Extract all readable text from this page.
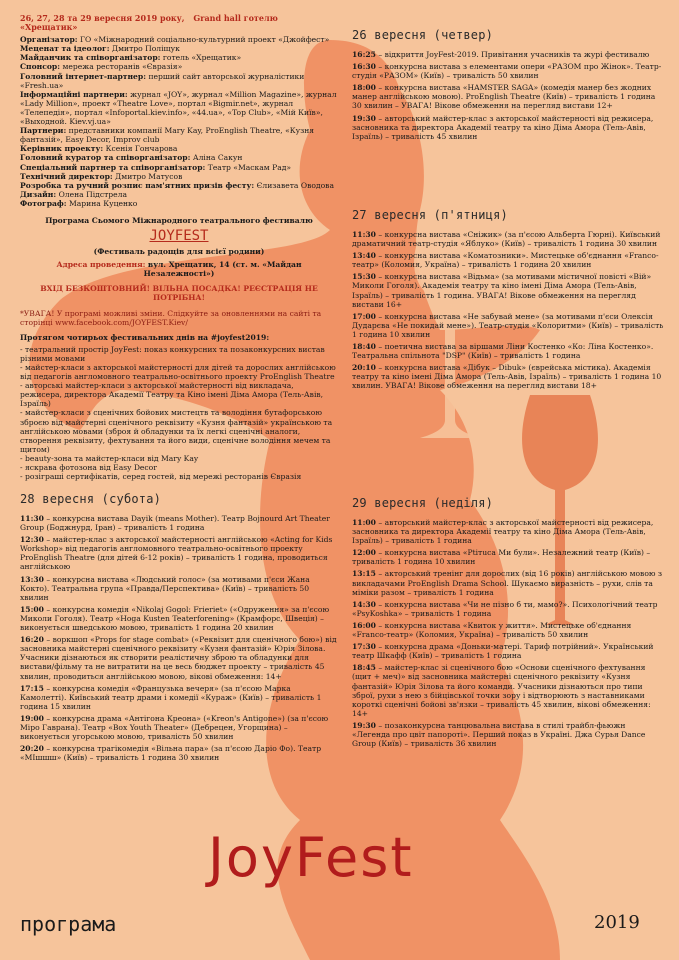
26, 27, 28 та 29 вересня 2019 року, Grand hall готелю «Хрещатик»

Організатор: ГО «Міжнародний соціально-культурний проект «Джойфест»

Меценат та ідеолог: Дмитро Поліщук

Майданчик та співорганізатор: готель «Хрещатик»

Спонсор: мережа ресторанів «Євразія»

Головний інтернет-партнер: перший сайт авторської журналістики «Fresh.ua»

Інформаційні партнери: журнал «JOY», журнал «Million Magazine», журнал «Lady Million», проект «Theatre Love», портал «Bigmir.net», журнал «Телепедія», портал «Infoportal.kiev.info», «44.ua», «Top Club», «Мій Київ», «Выходной. Kiev.vj.ua»

Партнери: представники компанії Mary Kay, ProEnglish Theatre, «Кузня фантазій», Easy Decor, Improv club

Керівник проекту: Ксенія Гончарова

Головний куратор та співорганізатор: Аліна Сакун

Спеціальний партнер та співорганізатор: Театр «Маскам Рад»

Технічний директор: Дмитро Матусов

Розробка та ручний розпис пам'ятних призів фесту: Єлизавета Оводова

Дизайн: Олена Підстрела

Фотограф: Марина Куценко

Програма Сьомого Міжнародного театрального фестивалю

JOYFEST

(Фестиваль радощів для всієї родини)

Адреса проведення: вул. Хрещатик, 14 (ст. м. «Майдан Незалежності»)

ВХІД БЕЗКОШТОВНИЙ! ВІЛЬНА ПОСАДКА! РЕЄСТРАЦІЯ НЕ ПОТРІБНА!

*УВАГА! У програмі можливі зміни. Слідкуйте за оновленнями на сайті та сторінці www.facebook.com/JOYFEST.Kiev/

Протягом чотирьох фестивальних днів на #joyfest2019:

- театральний простір JoyFest: показ конкурсних та позаконкурсних вистав різними мовами

- майстер-класи з акторської майстерності для дітей та дорослих англійською від педагогів англомовного театрально-освітнього проекту ProEnglish Theatre

- авторські майстер-класи з акторської майстерності від викладача, режисера, директора Академії Театру та Кіно імені Діма Амора (Тель-Авів, Ізраїль)

- майстер-класи з сценічних бойових мистецтв та володіння бутафорською зброєю від майстерні сценічного реквізиту «Кузня фантазій» українською та англійською мовами (зброя й обладунки та їх легкі сценічні аналоги, створення реквізиту, фехтування та його види, сценічне володіння мечем та щитом)

- beauty-зона та майстер-класи від Mary Kay

- яскрава фотозона від Easy Decor

- розіграші сертифікатів, серед гостей, від мережі ресторанів Євразія

26 вересня (четвер)

16:25 – відкриття JoyFest-2019. Привітання учасників та журі фестивалю

16:30 – конкурсна вистава з елементами опери «РАЗОМ про Жінок». Театр-студія «РАЗОМ» (Київ) – тривалість 50 хвилин

18:00 – конкурсна вистава «HAMSTER SAGA» (комедія манер без жодних манер англійською мовою). ProEnglish Theatre (Київ) – тривалість 1 година 30 хвилин – УВАГА! Вікове обмеження на перегляд вистави 12+

19:30 – авторський майстер-клас з акторської майстерності від режисера, засновника та директора Академії театру та кіно Діма Амора (Тель-Авів, Ізраїль) – тривалість 45 хвилин

27 вересня (п'ятниця)

11:30 – конкурсна вистава «Сніжик» (за п'єсою Альберта Гюрні). Київський драматичний театр-студія «Яблуко» (Київ) – тривалість 1 година 30 хвилин

13:40 – конкурсна вистава «Коматозники». Мистецьке об'єднання «Franco-театр» (Коломия, Україна) – тривалість 1 година 20 хвилин

15:30 – конкурсна вистава «Відьма» (за мотивами містичної повісті «Вій» Миколи Гоголя). Академія театру та кіно імені Діма Амора (Тель-Авів, Ізраїль) – тривалість 1 година. УВАГА! Вікове обмеження на перегляд вистави 16+

17:00 – конкурсна вистава «Не забувай мене» (за мотивами п'єси Олексія Дударєва «Не покидай мене»). Театр-студія «Колоритми» (Київ) – тривалість 1 година 10 хвилин

18:40 – поетична вистава за віршами Ліни Костенко «Ко: Ліна Костенко». Театральна спільнота "DSP" (Київ) – тривалість 1 година

20:10 – конкурсна вистава «Дібук – Dibuk» (єврейська містика). Академія театру та кіно імені Діма Амора (Тель-Авів, Ізраїль) – тривалість 1 година 10 хвилин. УВАГА! Вікове обмеження на перегляд вистави 18+

28 вересня (субота)

11:30 – конкурсна вистава Dayik (means Mother). Театр Bojnourd Art Theater Group (Боджнурд, Іран) – тривалість 1 година

12:30 – майстер-клас з акторської майстерності англійською «Acting for Kids Workshop» від педагогів англомовного театрально-освітнього проекту ProEnglish Theatre (для дітей 6-12 років) – тривалість 1 година, проводиться англійською

13:30 – конкурсна вистава «Людський голос» (за мотивами п'єси Жана Кокто). Театральна група «Правда/Перспектива» (Київ) – тривалість 50 хвилин

15:00 – конкурсна комедія «Nikolaj Gogol: Frieriet» («Одруження» за п'єсою Миколи Гоголя). Театр «Hoga Kusten Teaterforening» (Крамфорс, Швеція) – виконується шведською мовою, тривалість 1 година 20 хвилин

16:20 – воркшоп «Props for stage combat» («Реквізит для сценічного бою») від засновника майстерні сценічного реквізиту «Кузня фантазій» Юрія Зілова. Учасники дізнаються як створити реалістичну зброю та обладунки для вистави/фільму та не витратити на це весь бюджет проекту – тривалість 45 хвилин, проводиться англійською мовою, вікові обмеження: 14+

17:15 – конкурсна комедія «Французька вечеря» (за п'єсою Марка Камолетті). Київський театр драми і комедії «Кураж» (Київ) – тривалість 1 година 15 хвилин

19:00 – конкурсна драма «Антігона Креона» («Kreon's Antigone») (за п'єсою Міро Гаврана). Театр «Box Youth Theater» (Дебрецен, Угорщина) – виконується угорською мовою, тривалість 50 хвилин

20:20 – конкурсна трагікомедія «Вільна пара» (за п'єсою Даріо Фо). Театр «МІшшш» (Київ) – тривалість 1 година 30 хвилин

29 вересня (неділя)

11:00 – авторський майстер-клас з акторської майстерності від режисера, засновника та директора Академії театру та кіно Діма Амора (Тель-Авів, Ізраїль) – тривалість 1 година

12:00 – конкурсна вистава «Ptiтuca Ми були». Незалежний театр (Київ) – тривалість 1 година 10 хвилин

13:15 – акторський тренінг для дорослих (від 16 років) англійською мовою з викладачами ProEnglish Drama School. Шукаємо виразність – рухи, слів та міміки разом – тривалість 1 година

14:30 – конкурсна вистава «Чи не пізно б ти, мамо?». Психологічний театр «PsyKoshka» – тривалість 1 година

16:00 – конкурсна вистава «Квиток у життя». Мистецьке об'єднання «Franco-театр» (Коломия, Україна) – тривалість 50 хвилин

17:30 – конкурсна драма «Доньки-матері. Тариф потрійний». Український театр Шкафф (Київ) – тривалість 1 година

18:45 – майстер-клас зі сценічного бою «Основи сценічного фехтування (щит + меч)» від засновника майстерні сценічного реквізиту «Кузня фантазій» Юрія Зілова та його команди. Учасники дізнаються про типи зброї, рухи з нею з бійцівської точки зору і відтворюють з наставниками короткі сценічні бойові зв'язки – тривалість 45 хвилин, вікові обмеження: 14+

19:30 – позаконкурсна танцювальна вистава в стилі трайбл-фьюжн «Легенда про цвіт папороті». Перший показ в Україні. Джа Сурья Dance Group (Київ) – тривалість 36 хвилин

JoyFest
програма	2019
